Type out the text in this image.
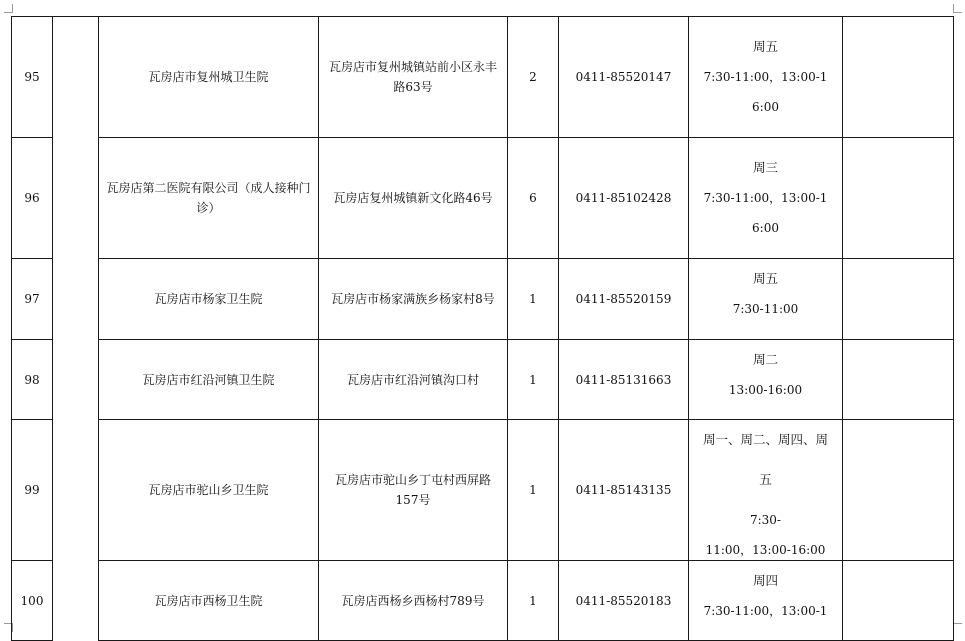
95		瓦房店市复州城卫生院	瓦房店市复州城镇站前小区永丰路63号	2	0411-85520147	周五
7:30-11:00，13:00-1
6:00	

96		瓦房店第二医院有限公司（成人接种门诊）	瓦房店复州城镇新文化路46号	6	0411-85102428	周三
7:30-11:00，13:00-1
6:00	

97		瓦房店市杨家卫生院	瓦房店市杨家满族乡杨家村8号	1	0411-85520159	周五
7:30-11:00	

98		瓦房店市红沿河镇卫生院	瓦房店市红沿河镇沟口村	1	0411-85131663	周二
13:00-16:00	

99		瓦房店市驼山乡卫生院	瓦房店市驼山乡丁屯村西屏路157号	1	0411-85143135	周一、周二、周四、周五
7:30-
11:00，13:00-16:00	

100		瓦房店市西杨卫生院	瓦房店西杨乡西杨村789号	1	0411-85520183	周四
7:30-11:00，13:00-1	
